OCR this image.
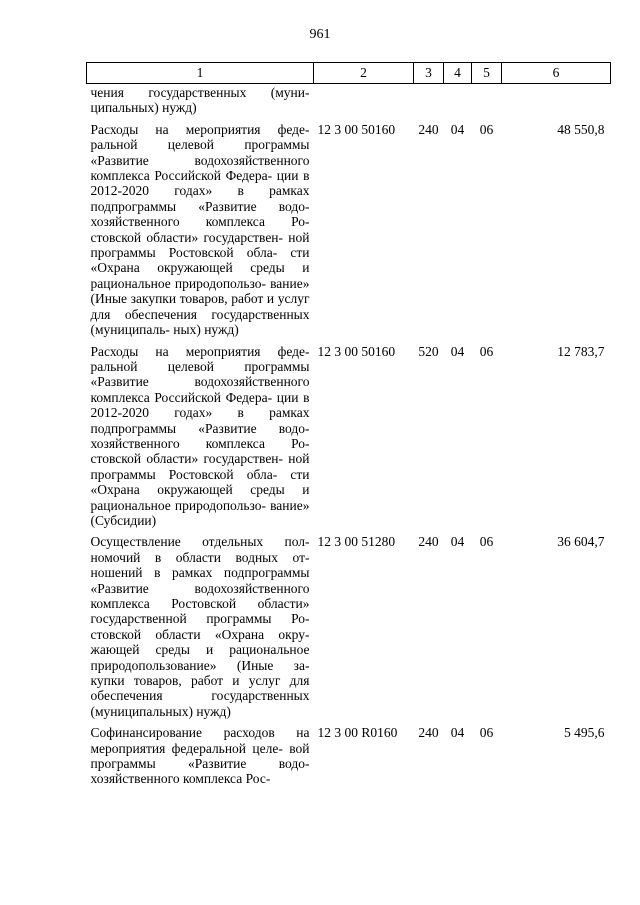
961
1	2	3	4	5	6
чения государственных (муни- ципальных) нужд)					
Расходы на мероприятия феде- ральной целевой программы «Развитие водохозяйственного комплекса Российской Федера- ции в 2012-2020 годах» в рамках подпрограммы «Развитие водо- хозяйственного комплекса Ро- стовской области» государствен- ной программы Ростовской обла- сти «Охрана окружающей среды и рациональное природопользо- вание» (Иные закупки товаров, работ и услуг для обеспечения государственных (муниципаль- ных) нужд)	12 3 00 50160	240	04	06	48 550,8
Расходы на мероприятия феде- ральной целевой программы «Развитие водохозяйственного комплекса Российской Федера- ции в 2012-2020 годах» в рамках подпрограммы «Развитие водо- хозяйственного комплекса Ро- стовской области» государствен- ной программы Ростовской обла- сти «Охрана окружающей среды и рациональное природопользо- вание» (Субсидии)	12 3 00 50160	520	04	06	12 783,7
Осуществление отдельных пол- номочий в области водных от- ношений в рамках подпрограммы «Развитие водохозяйственного комплекса Ростовской области» государственной программы Ро- стовской области «Охрана окру- жающей среды и рациональное природопользование» (Иные за- купки товаров, работ и услуг для обеспечения государственных (муниципальных) нужд)	12 3 00 51280	240	04	06	36 604,7
Софинансирование расходов на мероприятия федеральной целе- вой программы «Развитие водо- хозяйственного комплекса Рос-	12 3 00 R0160	240	04	06	5 495,6
